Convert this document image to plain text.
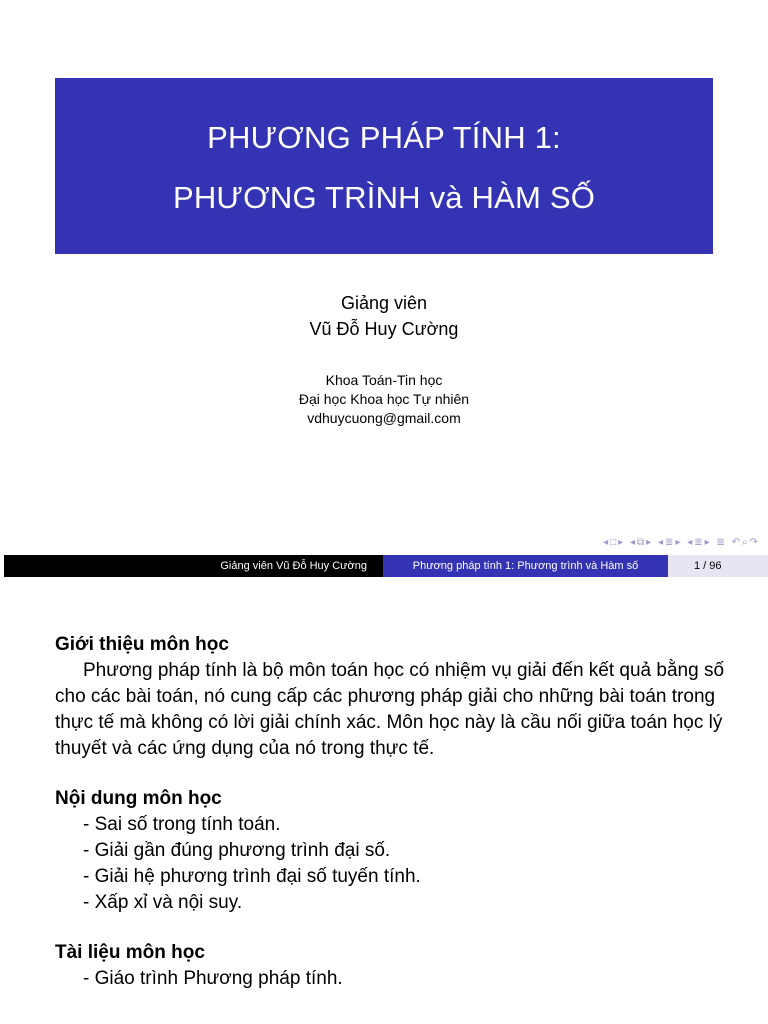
PHƯƠNG PHÁP TÍNH 1:
PHƯƠNG TRÌNH và HÀM SỐ
Giảng viên
Vũ Đỗ Huy Cường
Khoa Toán-Tin học
Đại học Khoa học Tự nhiên
vdhuycuong@gmail.com
◂□▸ ◂⧉▸ ◂≣▸ ◂≣▸ ≣ ↶⌕↷
Giảng viên Vũ Đỗ Huy Cường	Phương pháp tính 1: Phương trình và Hàm số	1 / 96
Giới thiệu môn học
Phương pháp tính là bộ môn toán học có nhiệm vụ giải đến kết quả bằng số cho các bài toán, nó cung cấp các phương pháp giải cho những bài toán trong thực tế mà không có lời giải chính xác. Môn học này là cầu nối giữa toán học lý thuyết và các ứng dụng của nó trong thực tế.
Nội dung môn học
- Sai số trong tính toán.
- Giải gần đúng phương trình đại số.
- Giải hệ phương trình đại số tuyến tính.
- Xấp xỉ và nội suy.
Tài liệu môn học
- Giáo trình Phương pháp tính.
